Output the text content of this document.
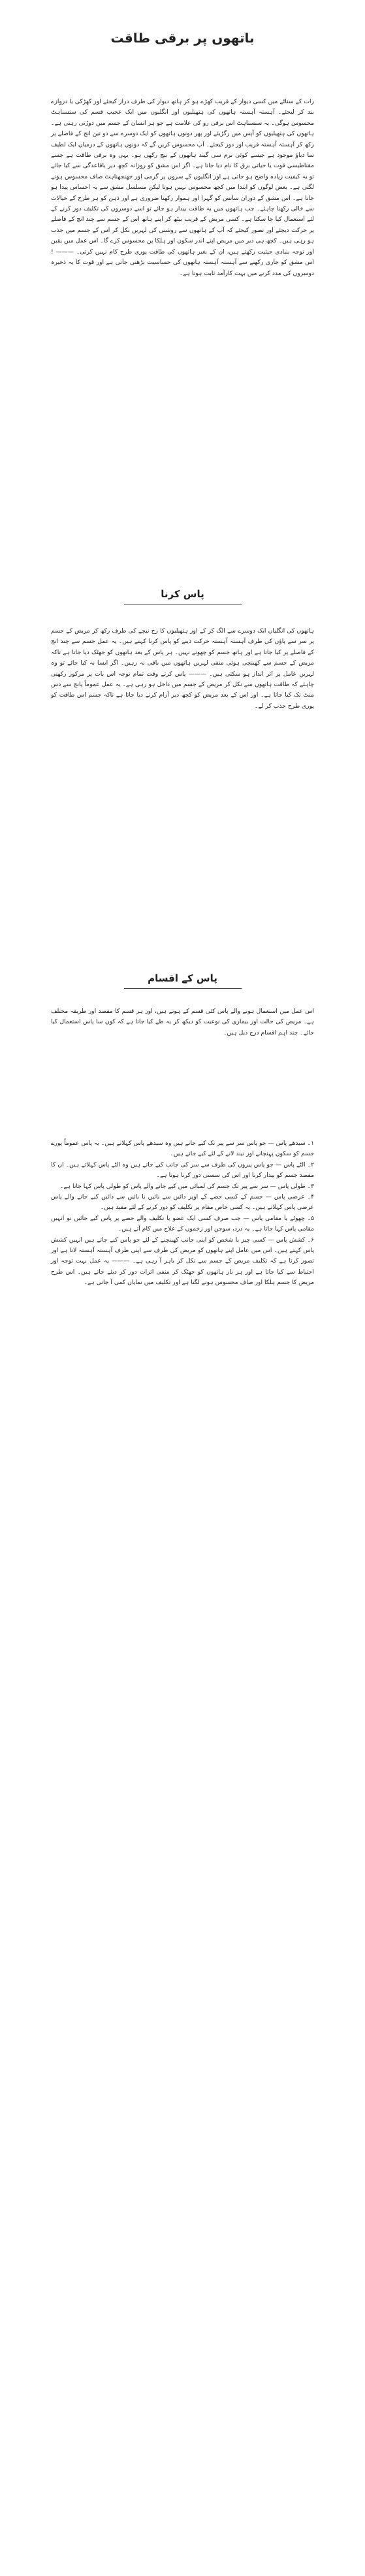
باتھوں پر برقی طاقت
رات کے سناٹے میں کسی دیوار کے قریب کھڑے ہو کر ہاتھ دیوار کی طرف دراز کیجئے اور کھڑکی یا دروازے بند کر لیجئے۔ آہستہ آہستہ ہاتھوں کی ہتھیلیوں اور انگلیوں میں ایک عجیب قسم کی سنسناہٹ محسوس ہوگی۔ یہ سنسناہٹ اس برقی رو کی علامت ہے جو ہر انسان کے جسم میں دوڑتی رہتی ہے۔ ہاتھوں کی ہتھیلیوں کو آپس میں رگڑیئے اور پھر دونوں ہاتھوں کو ایک دوسرے سے دو تین انچ کے فاصلے پر رکھ کر آہستہ آہستہ قریب اور دور کیجئے۔ آپ محسوس کریں گے کہ دونوں ہاتھوں کے درمیان ایک لطیف سا دباؤ موجود ہے جیسے کوئی نرم سی گیند ہاتھوں کے بیچ رکھی ہو۔ یہی وہ برقی طاقت ہے جسے مقناطیسی قوت یا حیاتی برق کا نام دیا جاتا ہے۔ اگر اس مشق کو روزانہ کچھ دیر باقاعدگی سے کیا جائے تو یہ کیفیت زیادہ واضح ہو جاتی ہے اور انگلیوں کے سروں پر گرمی اور جھنجھناہٹ صاف محسوس ہونے لگتی ہے۔ بعض لوگوں کو ابتدا میں کچھ محسوس نہیں ہوتا لیکن مسلسل مشق سے یہ احساس پیدا ہو جاتا ہے۔ اس مشق کے دوران سانس کو گہرا اور ہموار رکھنا ضروری ہے اور ذہن کو ہر طرح کے خیالات سے خالی رکھنا چاہئے۔ جب ہاتھوں میں یہ طاقت بیدار ہو جائے تو اسے دوسروں کی تکلیف دور کرنے کے لئے استعمال کیا جا سکتا ہے۔ کسی مریض کے قریب بیٹھ کر اپنے ہاتھ اس کے جسم سے چند انچ کے فاصلے پر حرکت دیجئے اور تصور کیجئے کہ آپ کے ہاتھوں سے روشنی کی لہریں نکل کر اس کے جسم میں جذب ہو رہی ہیں۔ کچھ ہی دیر میں مریض اپنے اندر سکون اور ہلکا پن محسوس کرے گا۔ اس عمل میں یقین اور توجہ بنیادی حیثیت رکھتے ہیں، ان کے بغیر ہاتھوں کی طاقت پوری طرح کام نہیں کرتی۔ ——— ! اس مشق کو جاری رکھنے سے آہستہ آہستہ ہاتھوں کی حساسیت بڑھتی جاتی ہے اور قوت کا یہ ذخیرہ دوسروں کی مدد کرنے میں بہت کارآمد ثابت ہوتا ہے۔
پاس کرنا
ہاتھوں کی انگلیاں ایک دوسرے سے الگ کر کے اور ہتھیلیوں کا رخ نیچے کی طرف رکھ کر مریض کے جسم پر سر سے پاؤں کی طرف آہستہ آہستہ حرکت دینے کو پاس کرنا کہتے ہیں۔ یہ عمل جسم سے چند انچ کے فاصلے پر کیا جاتا ہے اور ہاتھ جسم کو چھوتے نہیں۔ ہر پاس کے بعد ہاتھوں کو جھٹک دیا جاتا ہے تاکہ مریض کے جسم سے کھینچی ہوئی منفی لہریں ہاتھوں میں باقی نہ رہیں۔ اگر ایسا نہ کیا جائے تو وہ لہریں عامل پر اثر انداز ہو سکتی ہیں۔ ——— پاس کرتے وقت تمام توجہ اس بات پر مرکوز رکھنی چاہئے کہ طاقت ہاتھوں سے نکل کر مریض کے جسم میں داخل ہو رہی ہے۔ یہ عمل عموماً پانچ سے دس منٹ تک کیا جاتا ہے۔ اور اس کے بعد مریض کو کچھ دیر آرام کرنے دیا جاتا ہے تاکہ جسم اس طاقت کو پوری طرح جذب کر لے۔
پاس کے اقسام
اس عمل میں استعمال ہونے والے پاس کئی قسم کے ہوتے ہیں، اور ہر قسم کا مقصد اور طریقہ مختلف ہے۔ مریض کی حالت اور بیماری کی نوعیت کو دیکھ کر یہ طے کیا جاتا ہے کہ کون سا پاس استعمال کیا جائے۔ چند اہم اقسام درج ذیل ہیں۔

۱۔ سیدھے پاس — جو پاس سر سے پیر تک کیے جاتے ہیں وہ سیدھے پاس کہلاتے ہیں۔ یہ پاس عموماً پورے جسم کو سکون پہنچانے اور نیند لانے کے لئے کیے جاتے ہیں۔

۲۔ الٹے پاس — جو پاس پیروں کی طرف سے سر کی جانب کیے جاتے ہیں وہ الٹے پاس کہلاتے ہیں۔ ان کا مقصد جسم کو بیدار کرنا اور اس کی سستی دور کرنا ہوتا ہے۔

۳۔ طولی پاس — سر سے پیر تک جسم کی لمبائی میں کیے جانے والے پاس کو طولی پاس کہا جاتا ہے۔

۴۔ عرضی پاس — جسم کے کسی حصے کے اوپر دائیں سے بائیں یا بائیں سے دائیں کیے جانے والے پاس عرضی پاس کہلاتے ہیں۔ یہ کسی خاص مقام پر تکلیف کو دور کرنے کے لئے مفید ہیں۔

۵۔ چھوٹے یا مقامی پاس — جب صرف کسی ایک عضو یا تکلیف والے حصے پر پاس کیے جائیں تو انہیں مقامی پاس کہا جاتا ہے۔ یہ درد، سوجن اور زخموں کے علاج میں کام آتے ہیں۔

۶۔ کشش پاس — کسی چیز یا شخص کو اپنی جانب کھینچنے کے لئے جو پاس کیے جاتے ہیں انہیں کشش پاس کہتے ہیں۔ اس میں عامل اپنے ہاتھوں کو مریض کی طرف سے اپنی طرف آہستہ آہستہ لاتا ہے اور تصور کرتا ہے کہ تکلیف مریض کے جسم سے نکل کر باہر آ رہی ہے۔ ——— یہ عمل بہت توجہ اور احتیاط سے کیا جاتا ہے اور ہر بار ہاتھوں کو جھٹک کر منفی اثرات دور کر دیئے جاتے ہیں۔ اس طرح مریض کا جسم ہلکا اور صاف محسوس ہونے لگتا ہے اور تکلیف میں نمایاں کمی آ جاتی ہے۔
